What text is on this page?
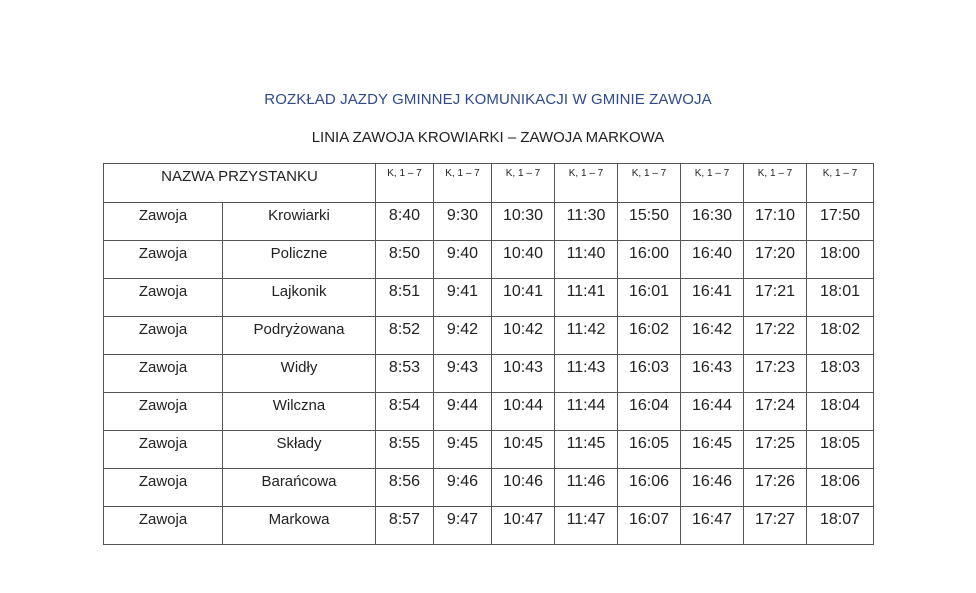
ROZKŁAD JAZDY GMINNEJ KOMUNIKACJI W GMINIE ZAWOJA
LINIA ZAWOJA KROWIARKI – ZAWOJA MARKOWA
NAZWA PRZYSTANKU		K, 1 – 7	K, 1 – 7	K, 1 – 7	K, 1 – 7	K, 1 – 7	K, 1 – 7	K, 1 – 7	K, 1 – 7
Zawoja	Krowiarki	8:40	9:30	10:30	11:30	15:50	16:30	17:10	17:50
Zawoja	Policzne	8:50	9:40	10:40	11:40	16:00	16:40	17:20	18:00
Zawoja	Lajkonik	8:51	9:41	10:41	11:41	16:01	16:41	17:21	18:01
Zawoja	Podryżowana	8:52	9:42	10:42	11:42	16:02	16:42	17:22	18:02
Zawoja	Widły	8:53	9:43	10:43	11:43	16:03	16:43	17:23	18:03
Zawoja	Wilczna	8:54	9:44	10:44	11:44	16:04	16:44	17:24	18:04
Zawoja	Składy	8:55	9:45	10:45	11:45	16:05	16:45	17:25	18:05
Zawoja	Barańcowa	8:56	9:46	10:46	11:46	16:06	16:46	17:26	18:06
Zawoja	Markowa	8:57	9:47	10:47	11:47	16:07	16:47	17:27	18:07
